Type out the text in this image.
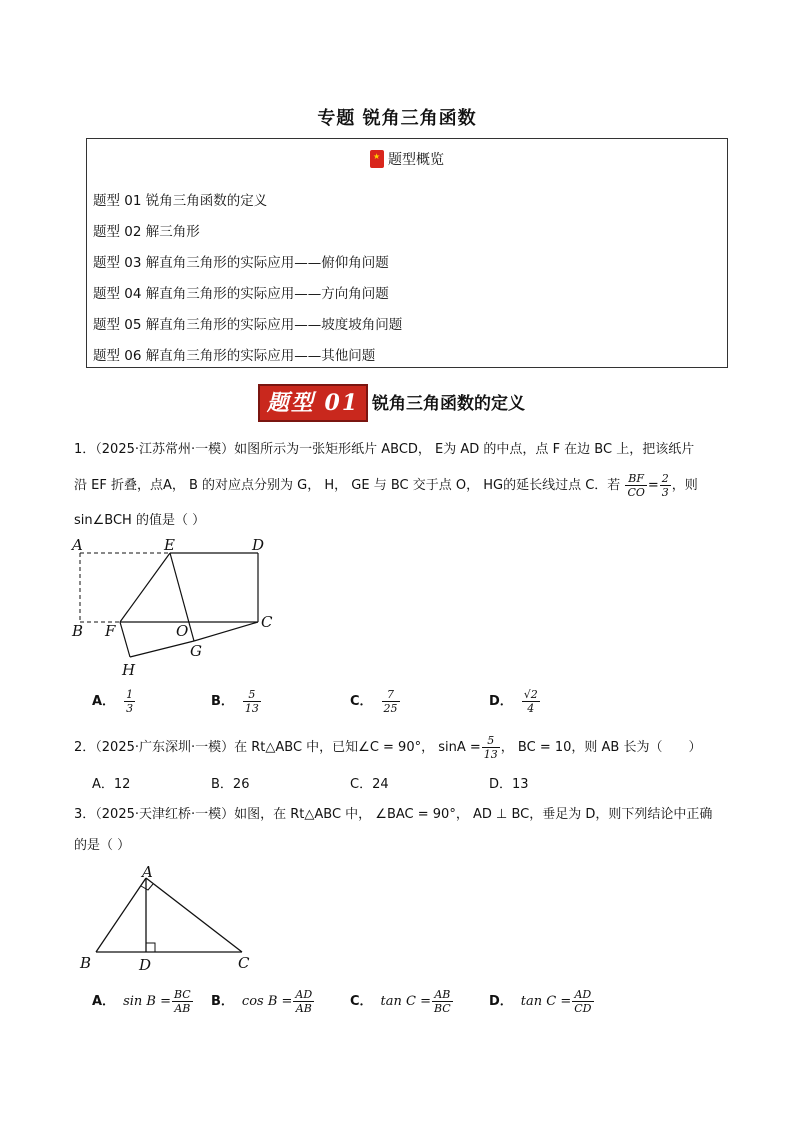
专题 锐角三角函数
★题型概览
题型 01 锐角三角函数的定义
题型 02 解三角形
题型 03 解直角三角形的实际应用——俯仰角问题
题型 04 解直角三角形的实际应用——方向角问题
题型 05 解直角三角形的实际应用——坡度坡角问题
题型 06 解直角三角形的实际应用——其他问题
题型 01 锐角三角函数的定义
1．（2025·江苏常州·一模）如图所示为一张矩形纸片 ABCD， E为 AD 的中点，点 F 在边 BC 上，把该纸片
沿 EF 折叠，点A， B 的对应点分别为 G， H， GE 与 BC 交于点 O， HG的延长线过点 C．若 $\frac{BF}{CO} = \frac{2}{3}$ ，则
sin∠BCH 的值是（ ）
A	E	D
B F	O	C
G
H
A． $\frac{1}{3}$	B． $\frac{5}{13}$	C． $\frac{7}{25}$	D． $\frac{√2}{4}$
2．（2025·广东深圳·一模）在 Rt△ABC 中，已知∠C = 90°， $\sin A = \frac{5}{13}$ ， BC = 10，则 AB 长为（　　）
A．12	B．26	C．24	D．13
3．（2025·天津红桥·一模）如图，在 Rt△ABC 中， ∠BAC = 90°， AD ⊥ BC，垂足为 D，则下列结论中正确
的是（ ）
A
B	D	C
A． $\sin B = \frac{BC}{AB}$ B． $\cos B = \frac{AD}{AB}$	C． $\tan C = \frac{AB}{BC}$	D． $\tan C = \frac{AD}{CD}$
